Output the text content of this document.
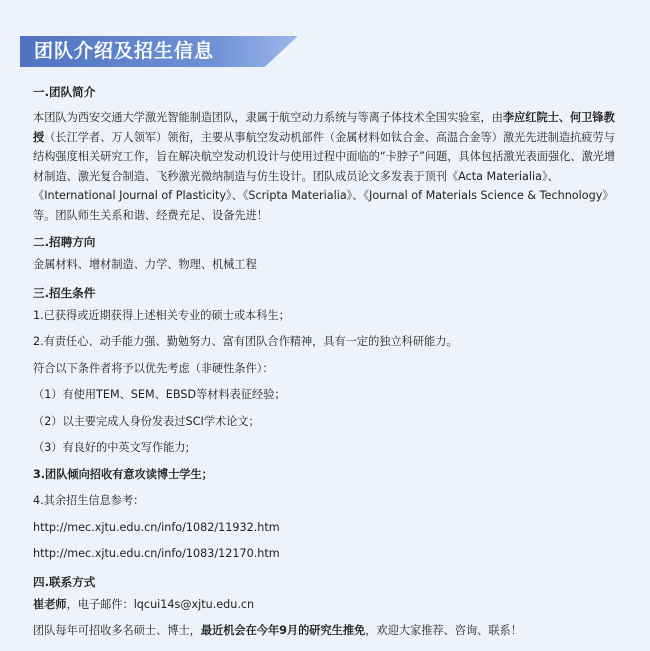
团队介绍及招生信息
一.团队简介

本团队为西安交通大学激光智能制造团队，隶属于航空动力系统与等离子体技术全国实验室，由李应红院士、何卫锋教授（长江学者、万人领军）领衔，主要从事航空发动机部件（金属材料如钛合金、高温合金等）激光先进制造抗疲劳与结构强度相关研究工作，旨在解决航空发动机设计与使用过程中面临的“卡脖子”问题，具体包括激光表面强化、激光增材制造、激光复合制造、飞秒激光微纳制造与仿生设计。团队成员论文多发表于顶刊《Acta Materialia》、《International Journal of Plasticity》、《Scripta Materialia》、《Journal of Materials Science & Technology》等。团队师生关系和谐、经费充足、设备先进！

二.招聘方向

金属材料、增材制造、力学、物理、机械工程

三.招生条件

1.已获得或近期获得上述相关专业的硕士或本科生；

2.有责任心、动手能力强、勤勉努力、富有团队合作精神，具有一定的独立科研能力。

符合以下条件者将予以优先考虑（非硬性条件）：

（1）有使用TEM、SEM、EBSD等材料表征经验；

（2）以主要完成人身份发表过SCI学术论文；

（3）有良好的中英文写作能力;

3.团队倾向招收有意攻读博士学生；

4.其余招生信息参考：

http://mec.xjtu.edu.cn/info/1082/11932.htm

http://mec.xjtu.edu.cn/info/1083/12170.htm

四.联系方式

崔老师，电子邮件：lqcui14s@xjtu.edu.cn

团队每年可招收多名硕士、博士，最近机会在今年9月的研究生推免，欢迎大家推荐、咨询、联系！
